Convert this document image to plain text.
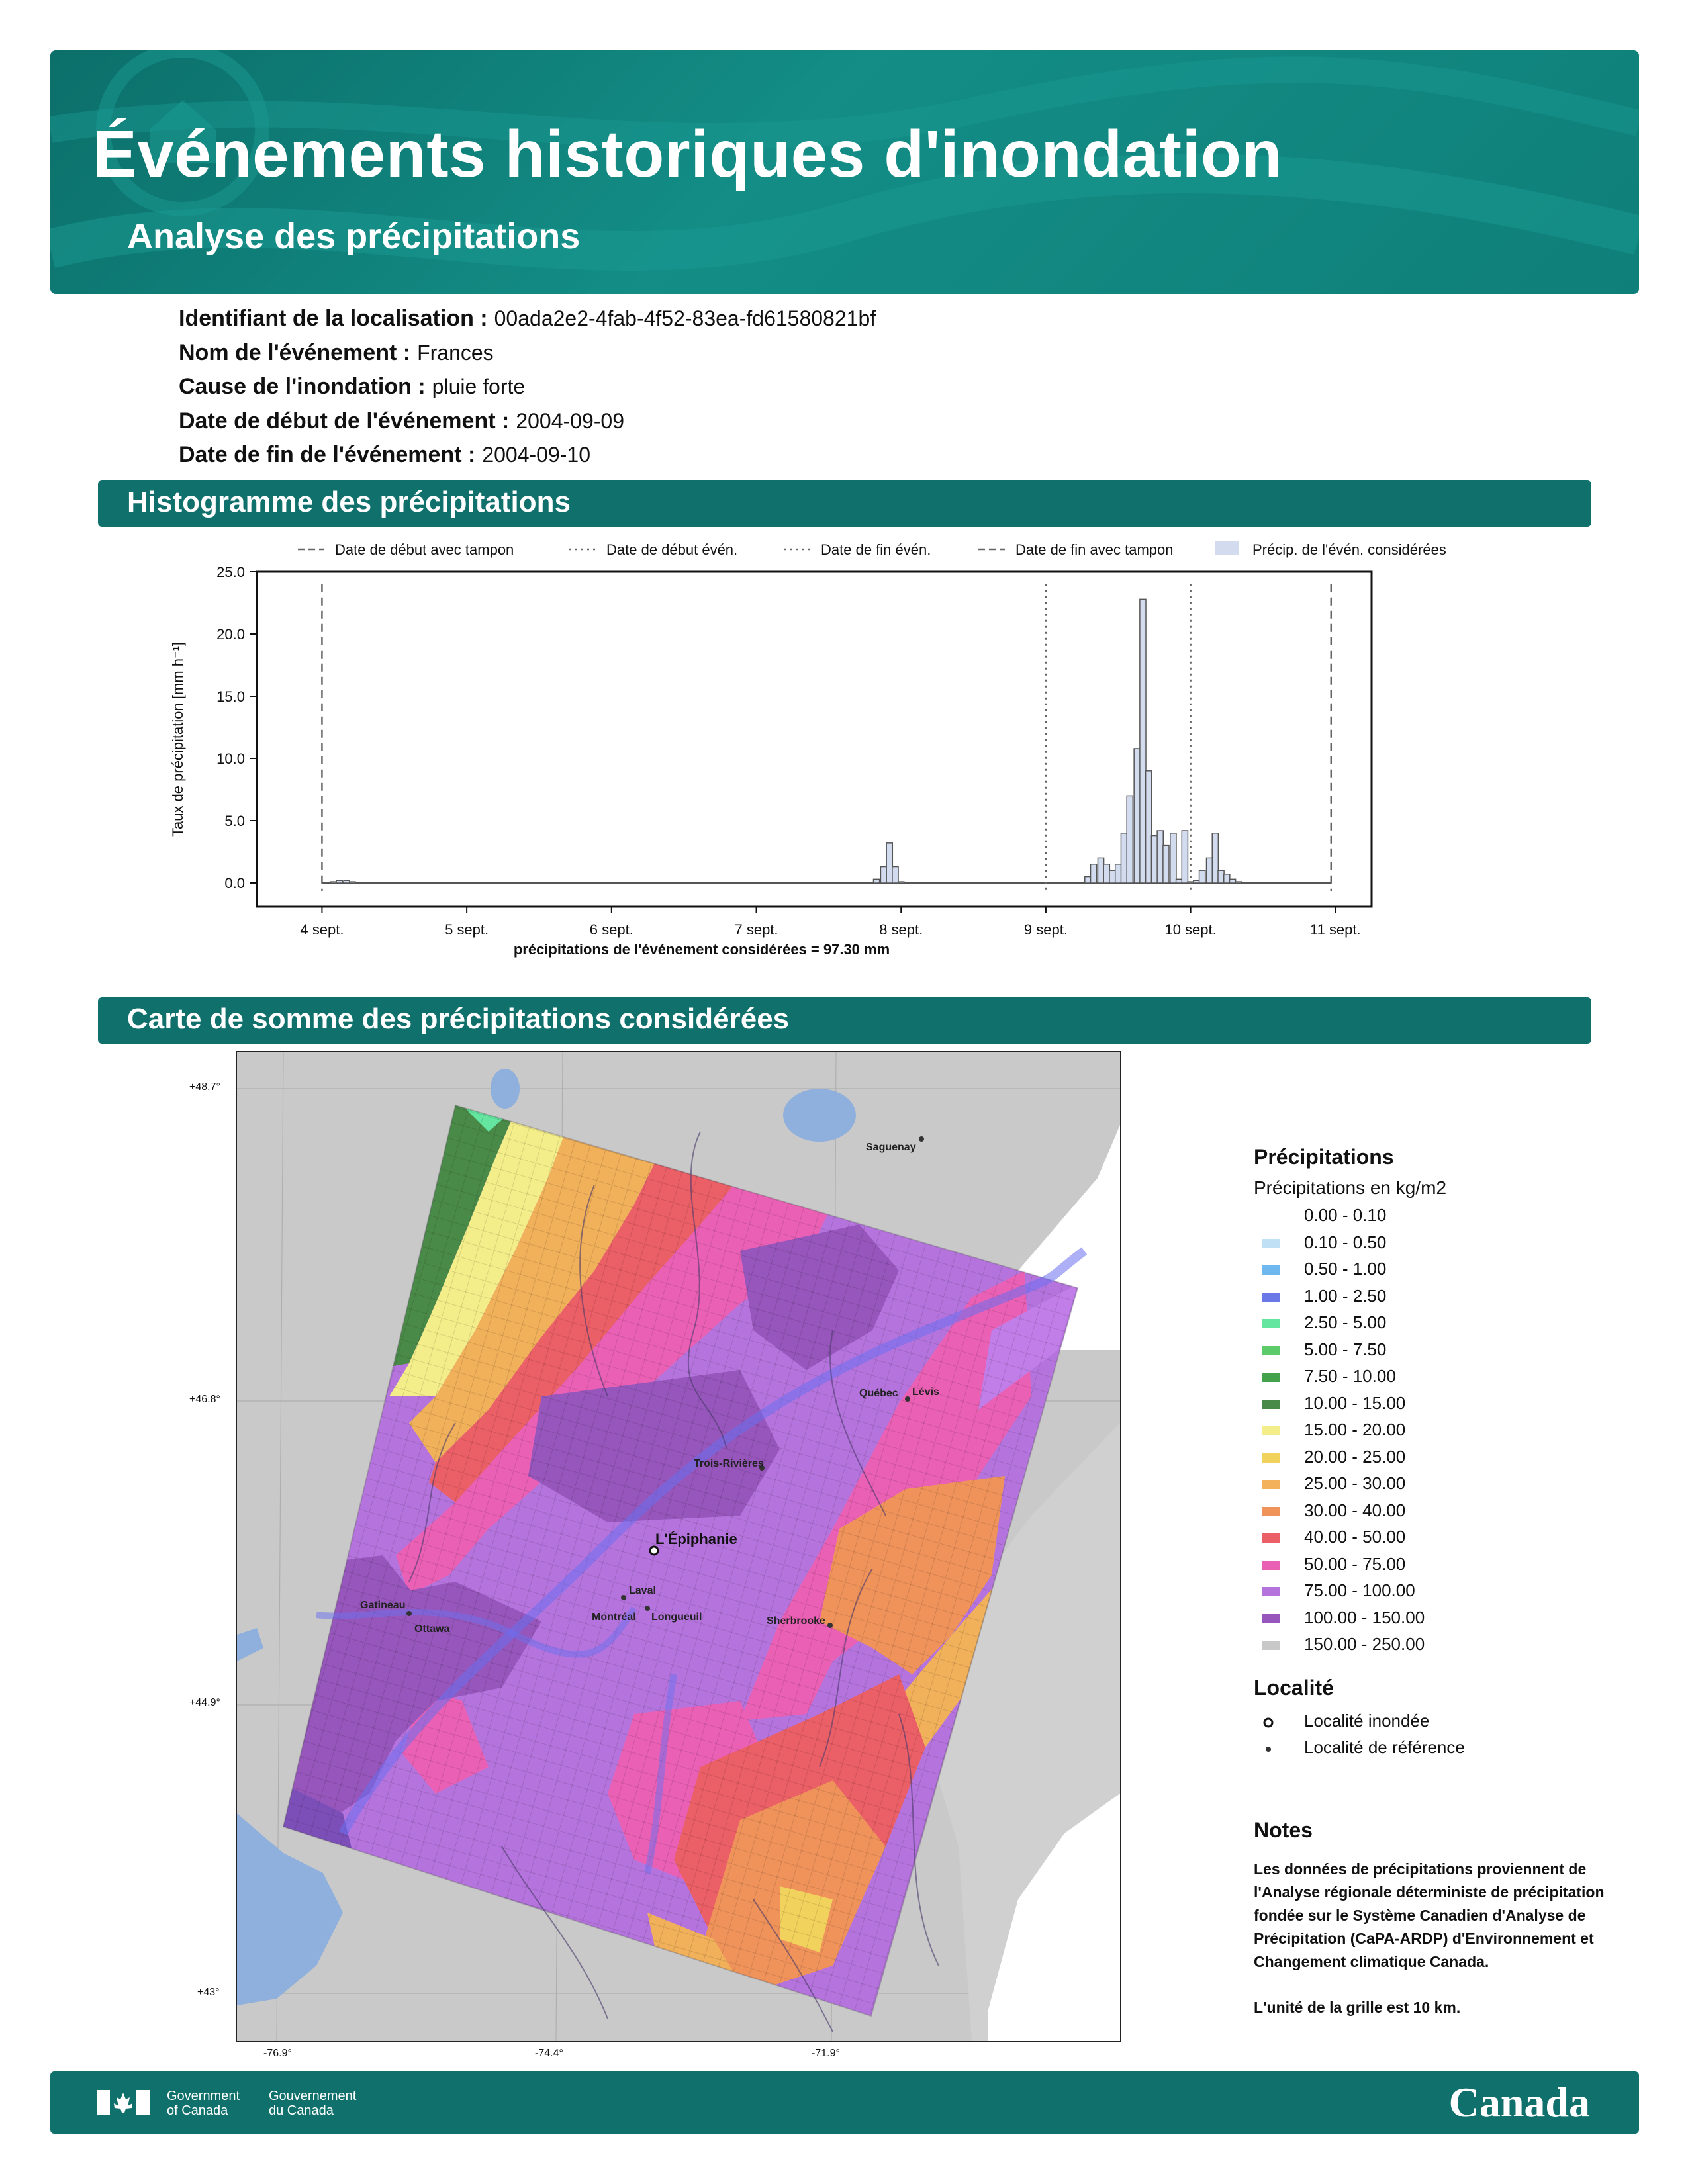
Événements historiques d'inondation
Analyse des précipitations
Identifiant de la localisation : 00ada2e2-4fab-4f52-83ea-fd61580821bf
Nom de l'événement : Frances
Cause de l'inondation : pluie forte
Date de début de l'événement : 2004-09-09
Date de fin de l'événement : 2004-09-10
Histogramme des précipitations
Date de début avec tampon	Date de début évén.	Date de fin évén.	Date de fin avec tampon	Précip. de l'évén. considérées
0.0
5.0
10.0
15.0
20.0
25.0
4 sept.	5 sept.	6 sept.	7 sept.	8 sept.	9 sept.	10 sept.	11 sept.
Taux de précipitation [mm h⁻¹]
précipitations de l'événement considérées = 97.30 mm
Carte de somme des précipitations considérées
Saguenay
Québec Lévis
Trois-Rivières
L'Épiphanie
Laval
Montréal Longueuil
Gatineau
Ottawa
Sherbrooke
+48.7°
+46.8°
+44.9°
+43°
-76.9°	-74.4°	-71.9°
Précipitations
Précipitations en kg/m2
0.00 - 0.10
0.10 - 0.50
0.50 - 1.00
1.00 - 2.50
2.50 - 5.00
5.00 - 7.50
7.50 - 10.00
10.00 - 15.00
15.00 - 20.00
20.00 - 25.00
25.00 - 30.00
30.00 - 40.00
40.00 - 50.00
50.00 - 75.00
75.00 - 100.00
100.00 - 150.00
150.00 - 250.00
Localité
Localité inondée
Localité de référence
Notes
Les données de précipitations proviennent de l'Analyse régionale déterministe de précipitation fondée sur le Système Canadien d'Analyse de Précipitation (CaPA-ARDP) d'Environnement et Changement climatique Canada.
L'unité de la grille est 10 km.
Government
of Canada
Gouvernement
du Canada	Canada
